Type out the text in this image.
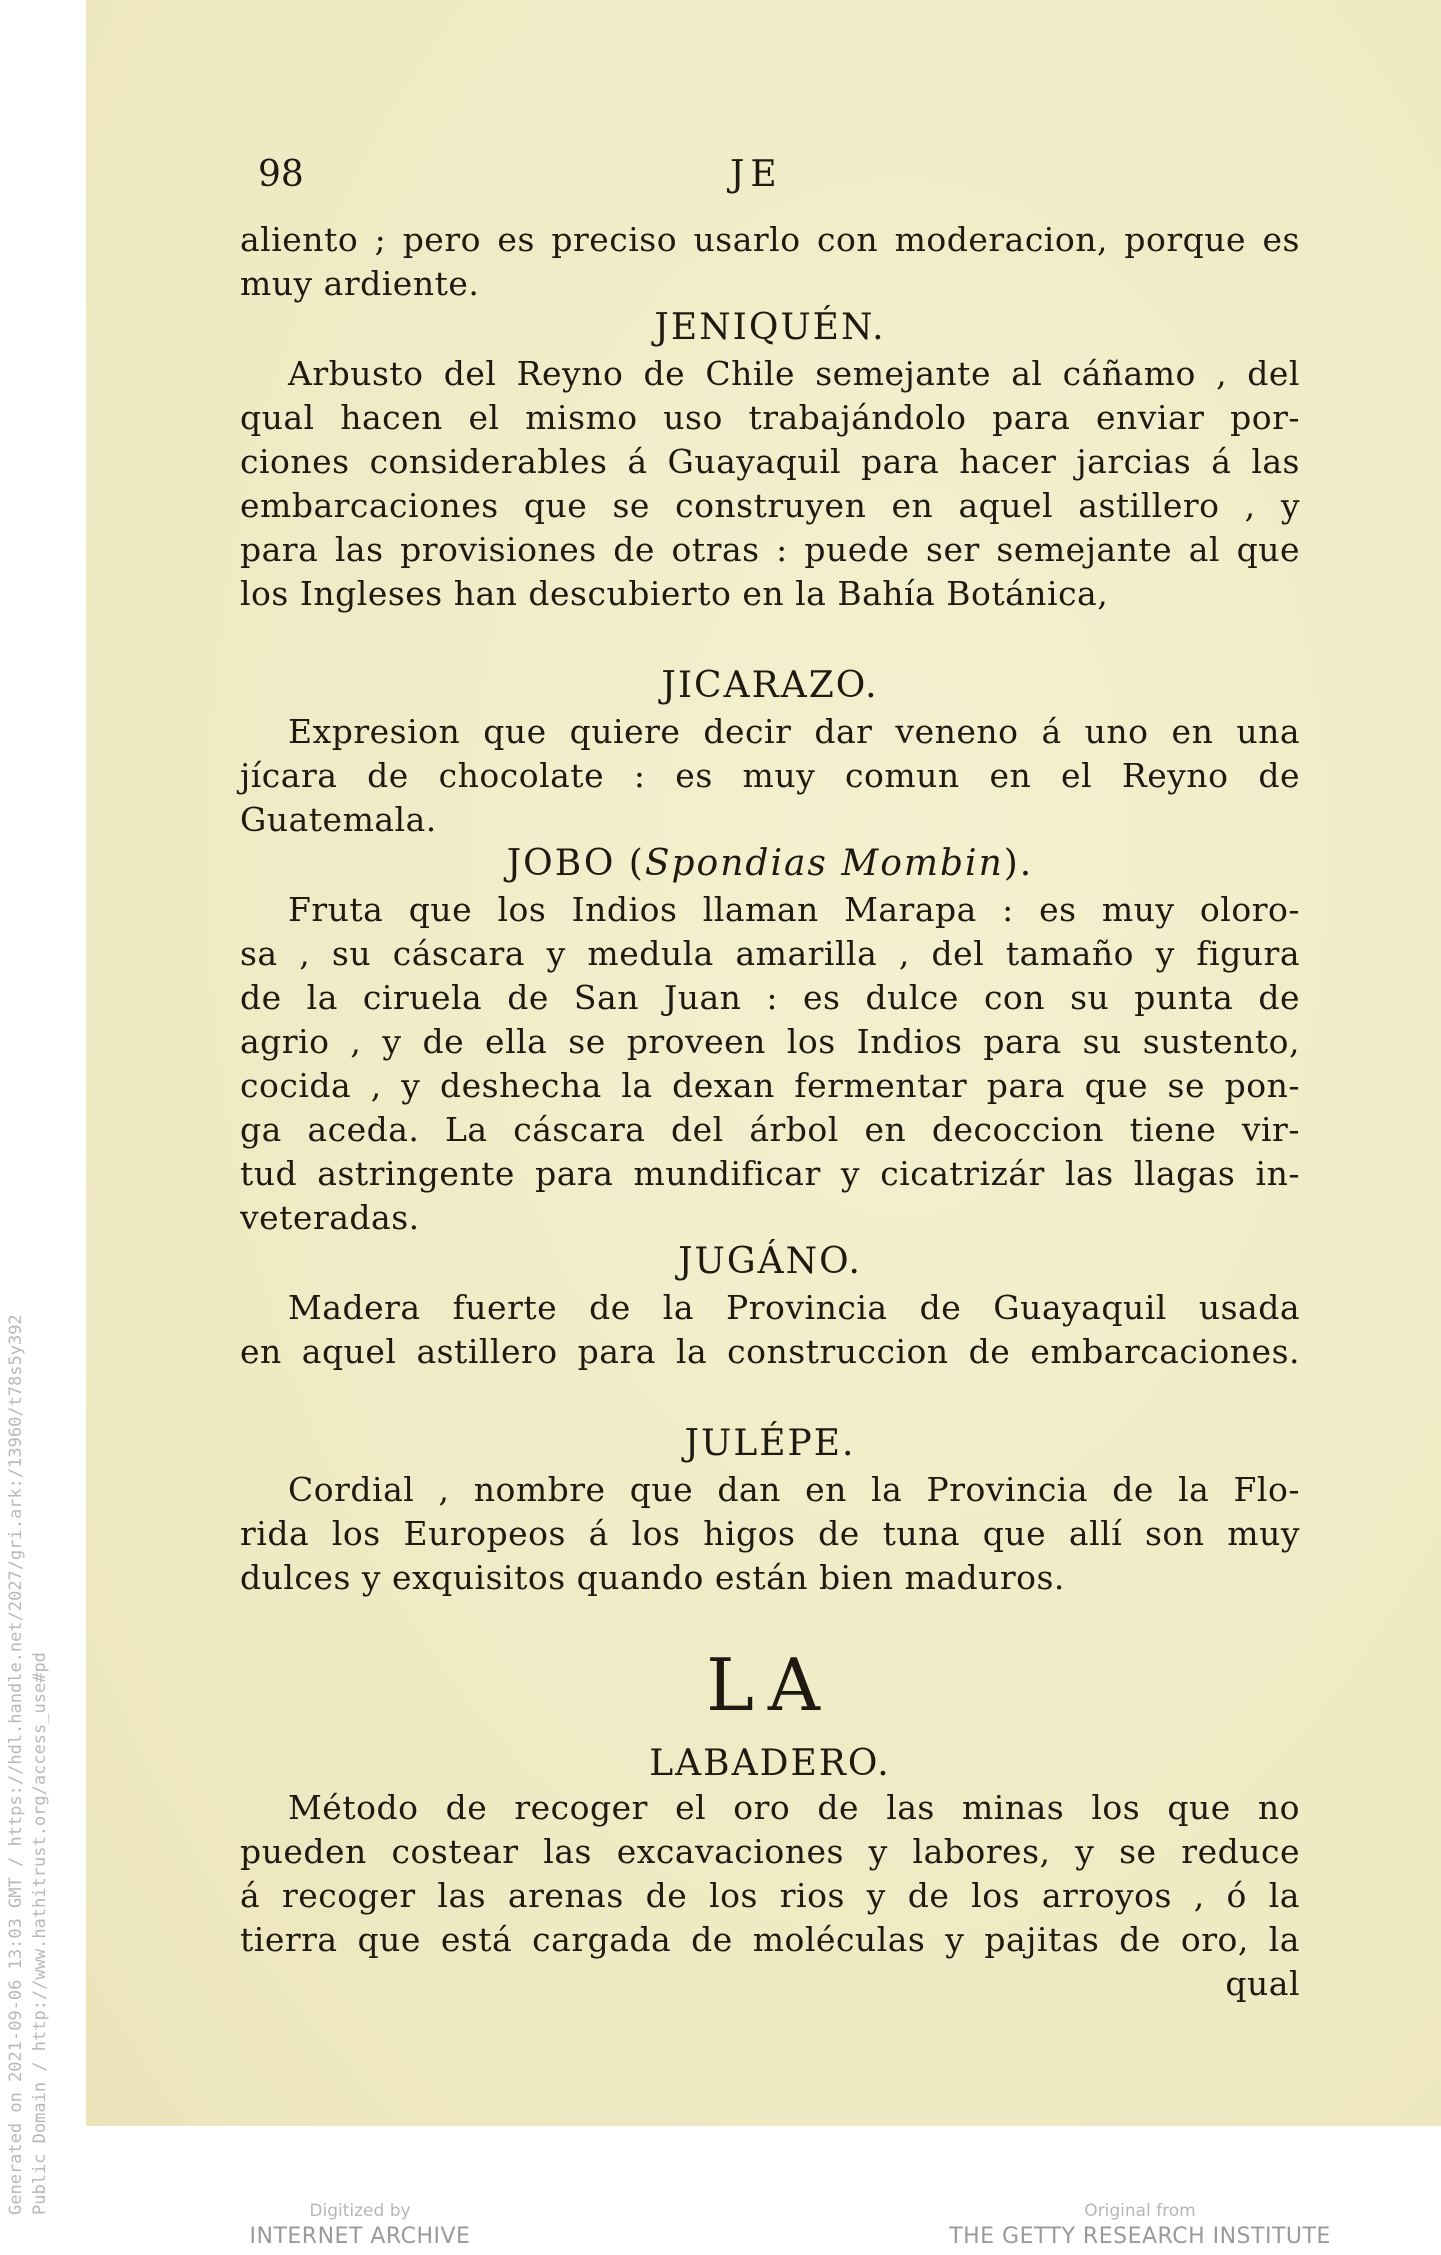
Generated on 2021-09-06 13:03 GMT / https://hdl.handle.net/2027/gri.ark:/13960/t78s5y392 Public Domain / http://www.hathitrust.org/access_use#pd
98	JE
aliento ; pero es preciso usarlo con moderacion, porque es
muy ardiente.
JENIQUÉN.
Arbusto del Reyno de Chile semejante al cáñamo , del
qual hacen el mismo uso trabajándolo para enviar por-
ciones considerables á Guayaquil para hacer jarcias á las
embarcaciones que se construyen en aquel astillero , y
para las provisiones de otras : puede ser semejante al que
los Ingleses han descubierto en la Bahía Botánica,
JICARAZO.
Expresion que quiere decir dar veneno á uno en una
jícara de chocolate : es muy comun en el Reyno de
Guatemala.
JOBO (Spondias Mombin).
Fruta que los Indios llaman Marapa : es muy oloro-
sa , su cáscara y medula amarilla , del tamaño y figura
de la ciruela de San Juan : es dulce con su punta de
agrio , y de ella se proveen los Indios para su sustento,
cocida , y deshecha la dexan fermentar para que se pon-
ga aceda. La cáscara del árbol en decoccion tiene vir-
tud astringente para mundificar y cicatrizár las llagas in-
veteradas.
JUGÁNO.
Madera fuerte de la Provincia de Guayaquil usada
en aquel astillero para la construccion de embarcaciones.
JULÉPE.
Cordial , nombre que dan en la Provincia de la Flo-
rida los Europeos á los higos de tuna que allí son muy
dulces y exquisitos quando están bien maduros.
LA
LABADERO.
Método de recoger el oro de las minas los que no
pueden costear las excavaciones y labores, y se reduce
á recoger las arenas de los rios y de los arroyos , ó la
tierra que está cargada de moléculas y pajitas de oro, la
qual
Digitized by
INTERNET ARCHIVE
Original from
THE GETTY RESEARCH INSTITUTE
